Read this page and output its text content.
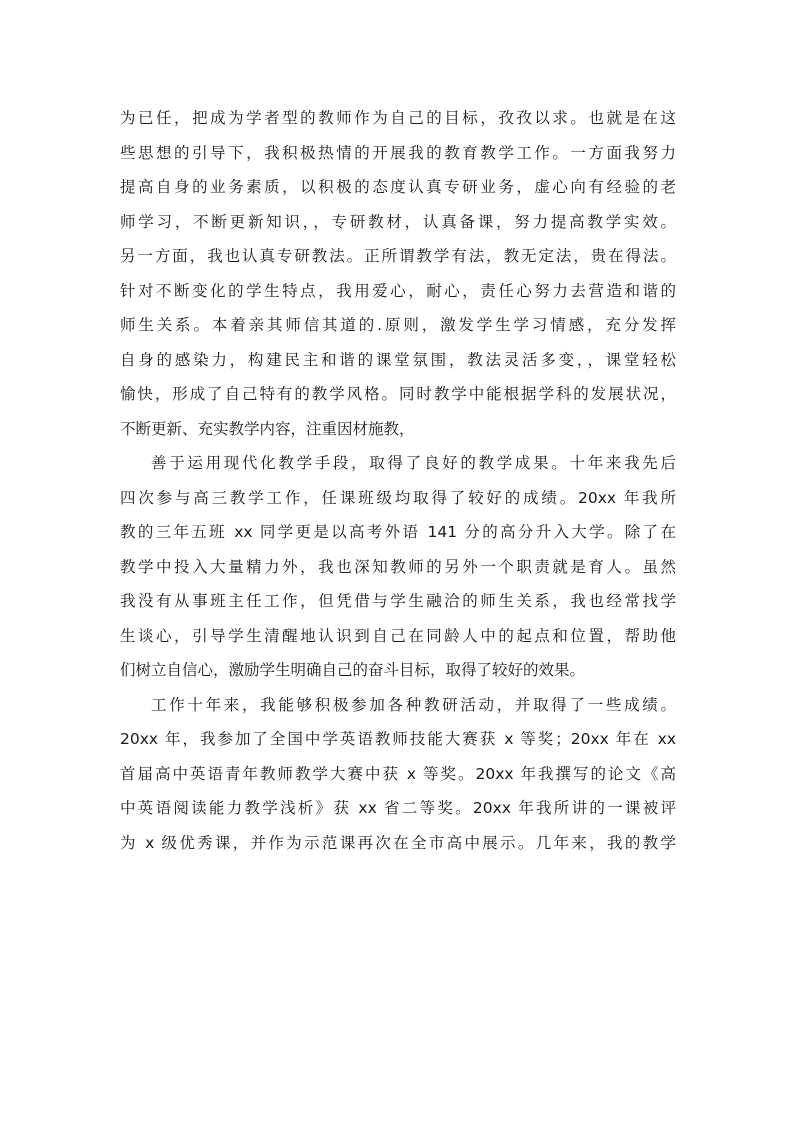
为已任，把成为学者型的教师作为自己的目标，孜孜以求。也就是在这
些思想的引导下，我积极热情的开展我的教育教学工作。一方面我努力
提高自身的业务素质，以积极的态度认真专研业务，虚心向有经验的老
师学习，不断更新知识，，专研教材，认真备课，努力提高教学实效。
另一方面，我也认真专研教法。正所谓教学有法，教无定法，贵在得法。
针对不断变化的学生特点，我用爱心，耐心，责任心努力去营造和谐的
师生关系。本着亲其师信其道的.原则，激发学生学习情感，充分发挥
自身的感染力，构建民主和谐的课堂氛围，教法灵活多变，，课堂轻松
愉快，形成了自己特有的教学风格。同时教学中能根据学科的发展状况，
不断更新、充实教学内容，注重因材施教，
善于运用现代化教学手段，取得了良好的教学成果。十年来我先后
四次参与高三教学工作，任课班级均取得了较好的成绩。20xx 年我所
教的三年五班 xx 同学更是以高考外语 141 分的高分升入大学。除了在
教学中投入大量精力外，我也深知教师的另外一个职责就是育人。虽然
我没有从事班主任工作，但凭借与学生融洽的师生关系，我也经常找学
生谈心，引导学生清醒地认识到自己在同龄人中的起点和位置，帮助他
们树立自信心，激励学生明确自己的奋斗目标，取得了较好的效果。
工作十年来，我能够积极参加各种教研活动，并取得了一些成绩。
20xx 年，我参加了全国中学英语教师技能大赛获 x 等奖；20xx 年在 xx
首届高中英语青年教师教学大赛中获 x 等奖。20xx 年我撰写的论文《高
中英语阅读能力教学浅析》获 xx 省二等奖。20xx 年我所讲的一课被评
为 x 级优秀课，并作为示范课再次在全市高中展示。几年来，我的教学
